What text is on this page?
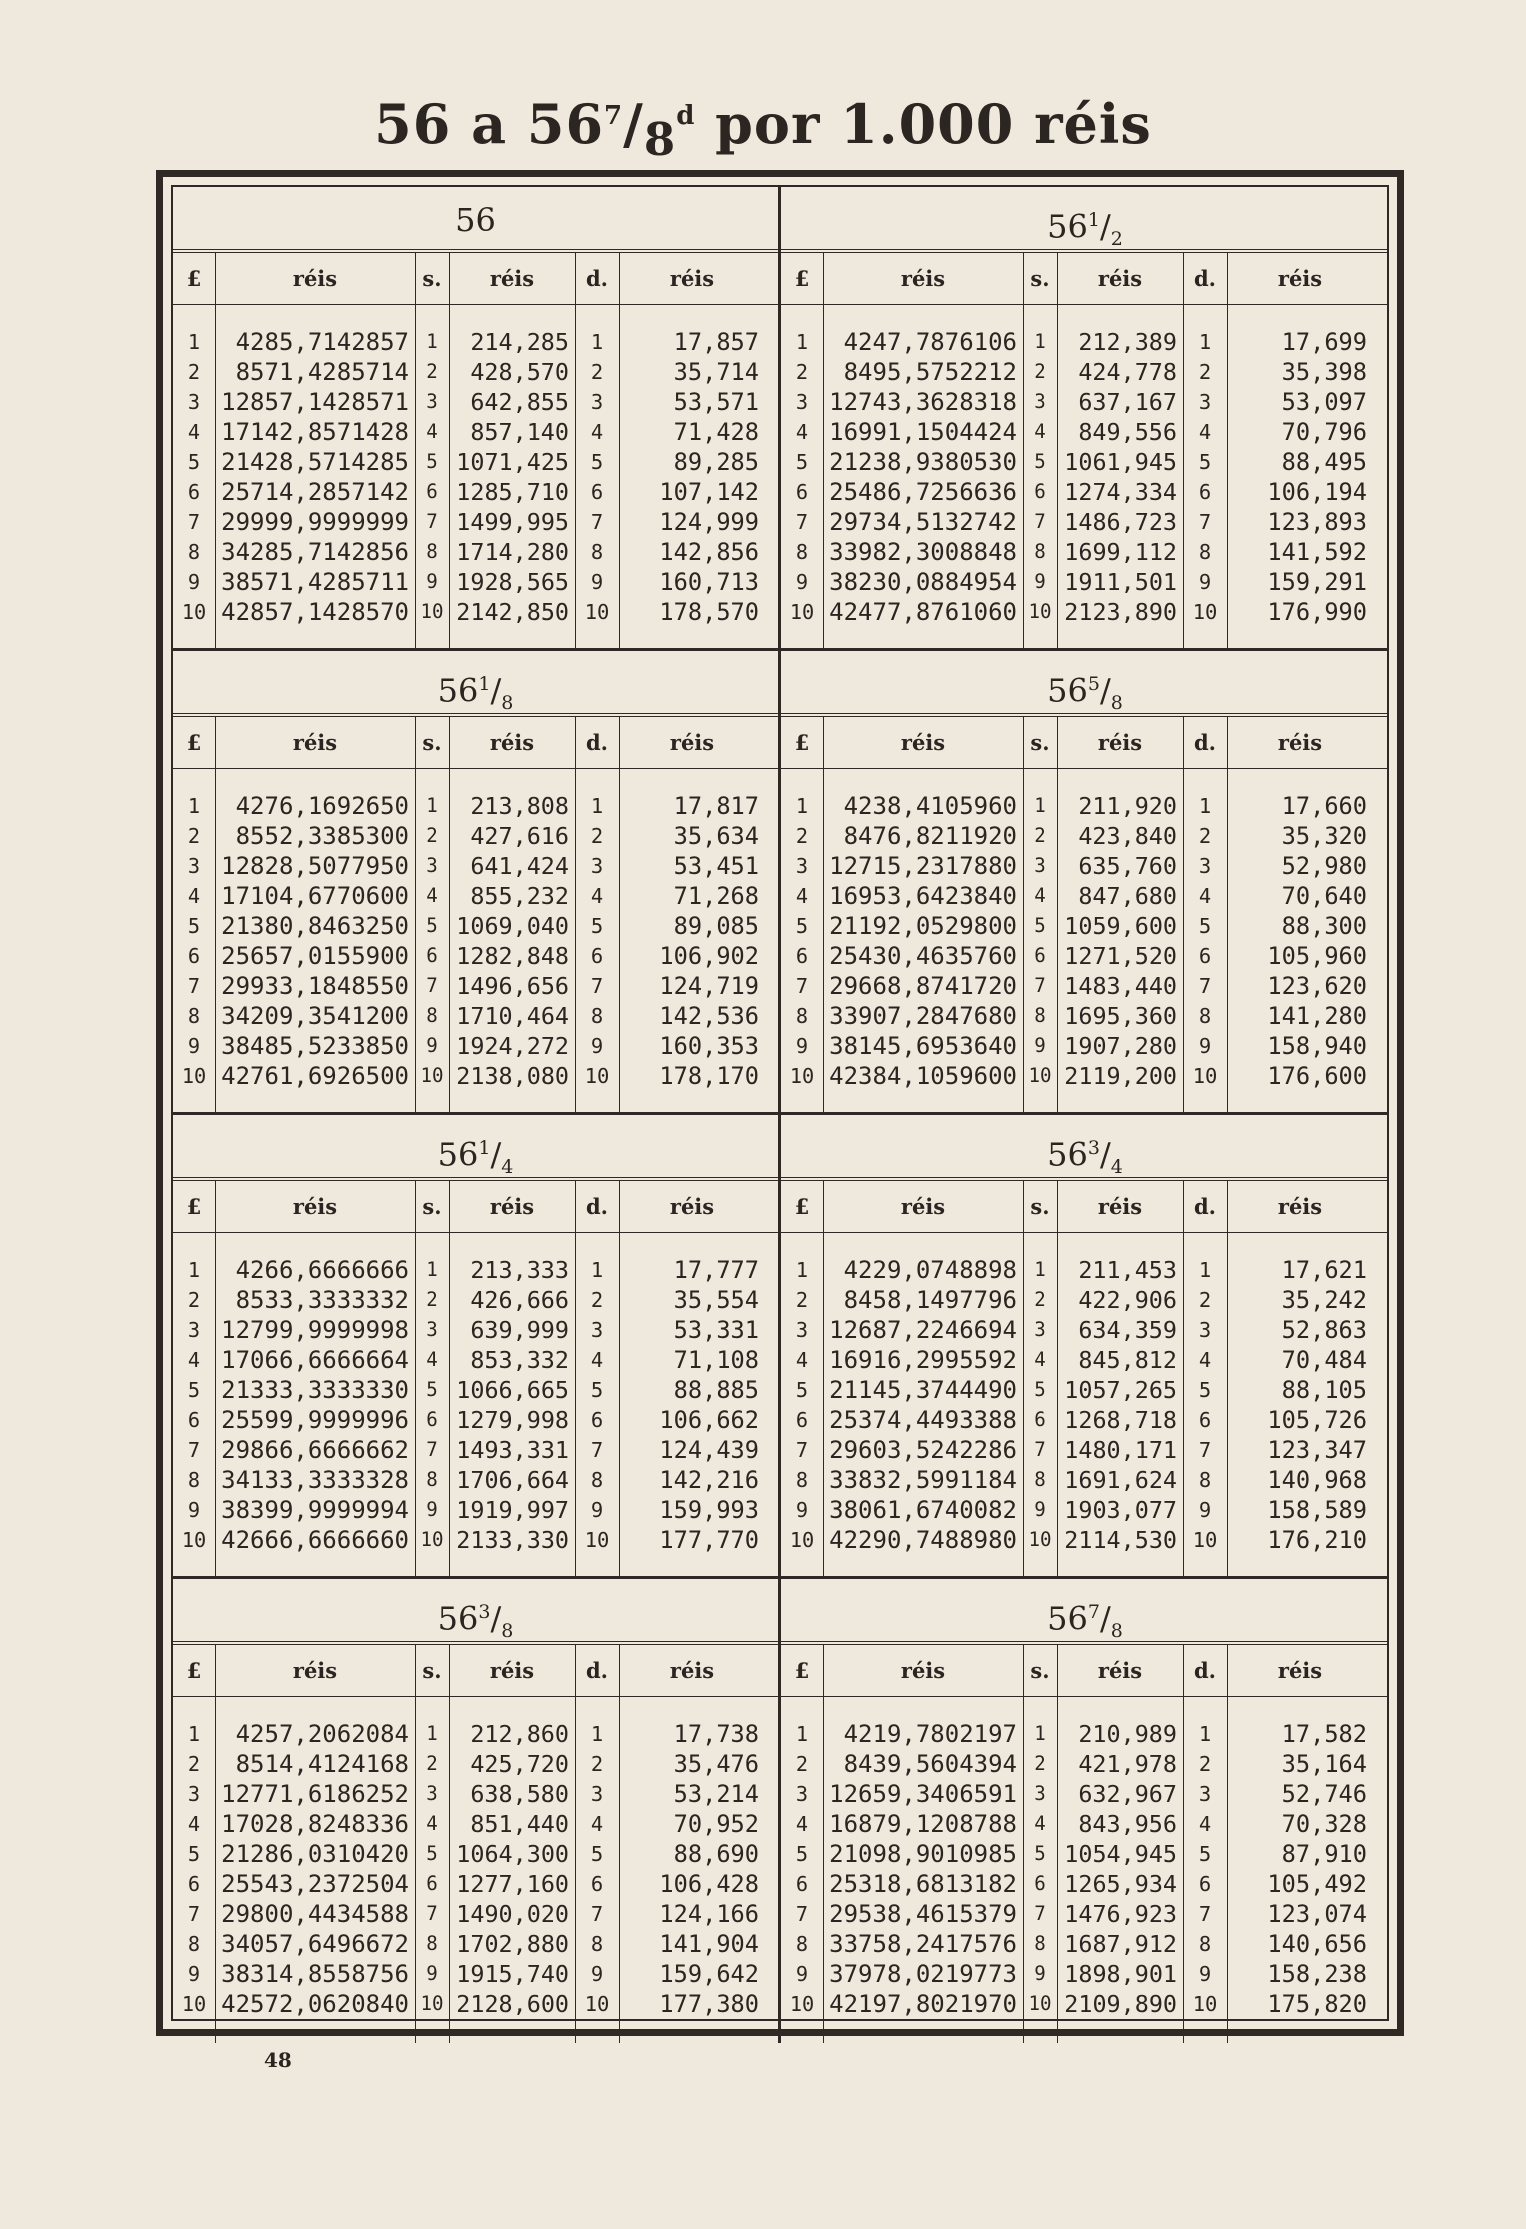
56 a $56^7/_8^d$ por 1.000 réis
56
£	réis	s.	réis	d.	réis
1	4285,7142857 1	214,285	1	17,857
2	8571,4285714 2	428,570	2	35,714
3 12857,1428571 3	642,855	3	53,571
4 17142,8571428 4	857,140	4	71,428
5 21428,5714285 5 1071,425	5	89,285
6 25714,2857142 6 1285,710	6	107,142
7 29999,9999999 7 1499,995	7	124,999
8 34285,7142856 8 1714,280	8	142,856
9 38571,4285711 9 1928,565	9	160,713
10 42857,1428570 10 2142,850 10	178,570
$56^1/_2$
£	réis	s.	réis	d.	réis
1	4247,7876106 1	212,389	1	17,699
2	8495,5752212 2	424,778	2	35,398
3 12743,3628318 3	637,167	3	53,097
4 16991,1504424 4	849,556	4	70,796
5 21238,9380530 5 1061,945	5	88,495
6 25486,7256636 6 1274,334	6	106,194
7 29734,5132742 7 1486,723	7	123,893
8 33982,3008848 8 1699,112	8	141,592
9 38230,0884954 9 1911,501	9	159,291
10 42477,8761060 10 2123,890 10	176,990
$56^1/_8$
£	réis	s.	réis	d.	réis
1	4276,1692650 1	213,808	1	17,817
2	8552,3385300 2	427,616	2	35,634
3 12828,5077950 3	641,424	3	53,451
4 17104,6770600 4	855,232	4	71,268
5 21380,8463250 5 1069,040	5	89,085
6 25657,0155900 6 1282,848	6	106,902
7 29933,1848550 7 1496,656	7	124,719
8 34209,3541200 8 1710,464	8	142,536
9 38485,5233850 9 1924,272	9	160,353
10 42761,6926500 10 2138,080 10	178,170
$56^5/_8$
£	réis	s.	réis	d.	réis
1	4238,4105960 1	211,920	1	17,660
2	8476,8211920 2	423,840	2	35,320
3 12715,2317880 3	635,760	3	52,980
4 16953,6423840 4	847,680	4	70,640
5 21192,0529800 5 1059,600	5	88,300
6 25430,4635760 6 1271,520	6	105,960
7 29668,8741720 7 1483,440	7	123,620
8 33907,2847680 8 1695,360	8	141,280
9 38145,6953640 9 1907,280	9	158,940
10 42384,1059600 10 2119,200 10	176,600
$56^1/_4$
£	réis	s.	réis	d.	réis
1	4266,6666666 1	213,333	1	17,777
2	8533,3333332 2	426,666	2	35,554
3 12799,9999998 3	639,999	3	53,331
4 17066,6666664 4	853,332	4	71,108
5 21333,3333330 5 1066,665	5	88,885
6 25599,9999996 6 1279,998	6	106,662
7 29866,6666662 7 1493,331	7	124,439
8 34133,3333328 8 1706,664	8	142,216
9 38399,9999994 9 1919,997	9	159,993
10 42666,6666660 10 2133,330 10	177,770
$56^3/_4$
£	réis	s.	réis	d.	réis
1	4229,0748898 1	211,453	1	17,621
2	8458,1497796 2	422,906	2	35,242
3 12687,2246694 3	634,359	3	52,863
4 16916,2995592 4	845,812	4	70,484
5 21145,3744490 5 1057,265	5	88,105
6 25374,4493388 6 1268,718	6	105,726
7 29603,5242286 7 1480,171	7	123,347
8 33832,5991184 8 1691,624	8	140,968
9 38061,6740082 9 1903,077	9	158,589
10 42290,7488980 10 2114,530 10	176,210
$56^3/_8$
£	réis	s.	réis	d.	réis
1	4257,2062084 1	212,860	1	17,738
2	8514,4124168 2	425,720	2	35,476
3 12771,6186252 3	638,580	3	53,214
4 17028,8248336 4	851,440	4	70,952
5 21286,0310420 5 1064,300	5	88,690
6 25543,2372504 6 1277,160	6	106,428
7 29800,4434588 7 1490,020	7	124,166
8 34057,6496672 8 1702,880	8	141,904
9 38314,8558756 9 1915,740	9	159,642
10 42572,0620840 10 2128,600 10	177,380
$56^7/_8$
£	réis	s.	réis	d.	réis
1	4219,7802197 1	210,989	1	17,582
2	8439,5604394 2	421,978	2	35,164
3 12659,3406591 3	632,967	3	52,746
4 16879,1208788 4	843,956	4	70,328
5 21098,9010985 5 1054,945	5	87,910
6 25318,6813182 6 1265,934	6	105,492
7 29538,4615379 7 1476,923	7	123,074
8 33758,2417576 8 1687,912	8	140,656
9 37978,0219773 9 1898,901	9	158,238
10 42197,8021970 10 2109,890 10	175,820
48
